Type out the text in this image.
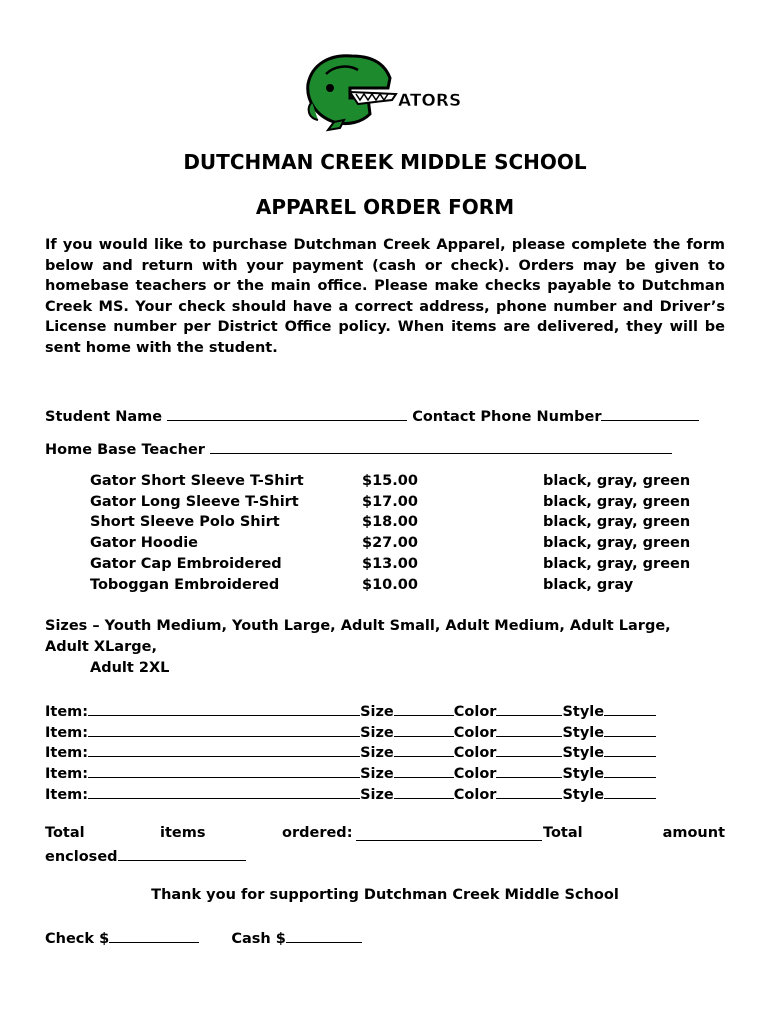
ATORS
DUTCHMAN CREEK MIDDLE SCHOOL
APPAREL ORDER FORM
If you would like to purchase Dutchman Creek Apparel, please complete the form below and return with your payment (cash or check). Orders may be given to homebase teachers or the main office. Please make checks payable to Dutchman Creek MS. Your check should have a correct address, phone number and Driver’s License number per District Office policy. When items are delivered, they will be sent home with the student.
Student Name	Contact Phone Number
Home Base Teacher
Gator Short Sleeve T-Shirt	$15.00	black, gray, green
Gator Long Sleeve T-Shirt	$17.00	black, gray, green
Short Sleeve Polo Shirt	$18.00	black, gray, green
Gator Hoodie	$27.00	black, gray, green
Gator Cap Embroidered	$13.00	black, gray, green
Toboggan Embroidered	$10.00	black, gray
Sizes – Youth Medium, Youth Large, Adult Small, Adult Medium, Adult Large,
Adult XLarge,
Adult 2XL
Item:	Size	Color	Style
Item:	Size	Color	Style
Item:	Size	Color	Style
Item:	Size	Color	Style
Item:	Size	Color	Style
Total	items	ordered:	Total	amount
enclosed
Thank you for supporting Dutchman Creek Middle School
Check $	Cash $
